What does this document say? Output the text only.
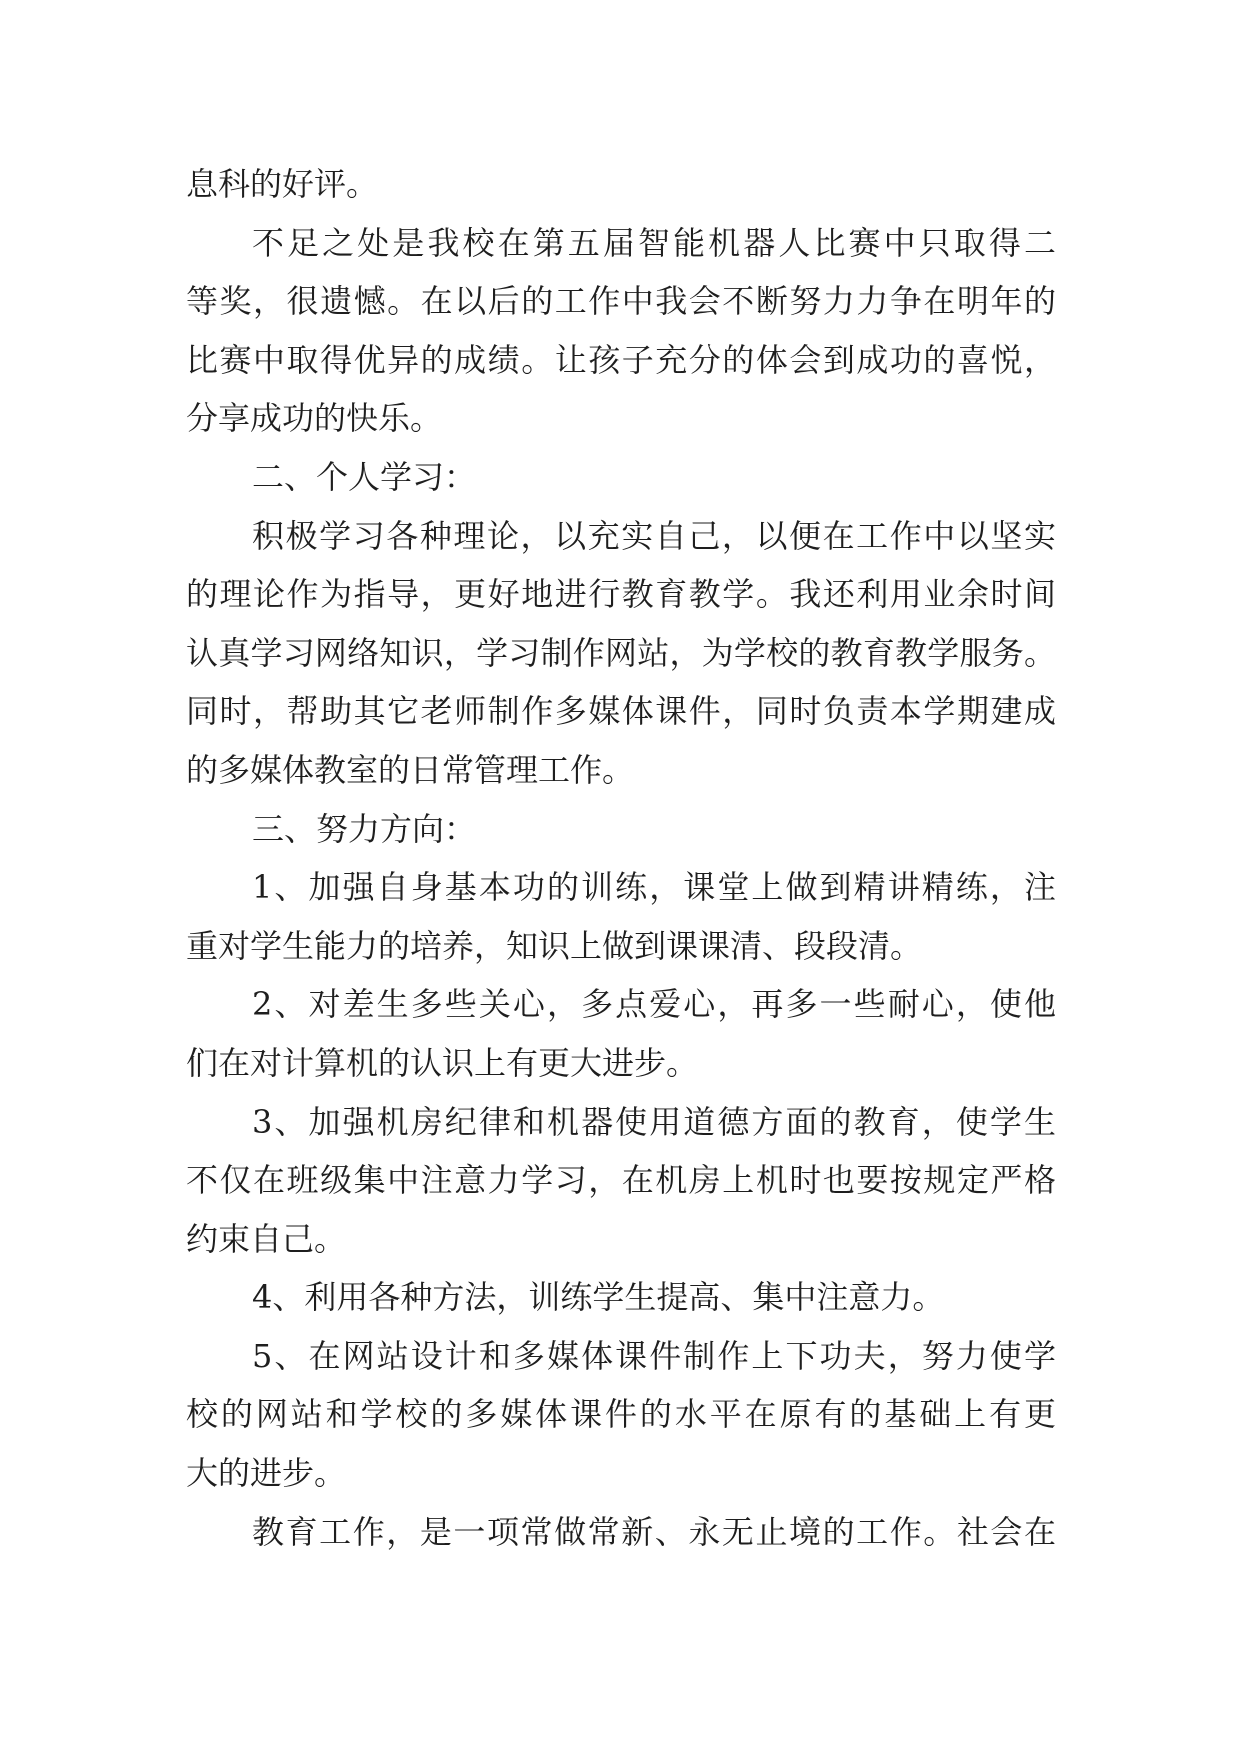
息科的好评。
不足之处是我校在第五届智能机器人比赛中只取得二
等奖，很遗憾。在以后的工作中我会不断努力力争在明年的
比赛中取得优异的成绩。让孩子充分的体会到成功的喜悦，
分享成功的快乐。
二、个人学习：
积极学习各种理论，以充实自己，以便在工作中以坚实
的理论作为指导，更好地进行教育教学。我还利用业余时间
认真学习网络知识，学习制作网站，为学校的教育教学服务。
同时，帮助其它老师制作多媒体课件，同时负责本学期建成
的多媒体教室的日常管理工作。
三、努力方向：
1、加强自身基本功的训练，课堂上做到精讲精练，注
重对学生能力的培养，知识上做到课课清、段段清。
2、对差生多些关心，多点爱心，再多一些耐心，使他
们在对计算机的认识上有更大进步。
3、加强机房纪律和机器使用道德方面的教育，使学生
不仅在班级集中注意力学习，在机房上机时也要按规定严格
约束自己。
4、利用各种方法，训练学生提高、集中注意力。
5、在网站设计和多媒体课件制作上下功夫，努力使学
校的网站和学校的多媒体课件的水平在原有的基础上有更
大的进步。
教育工作，是一项常做常新、永无止境的工作。社会在
